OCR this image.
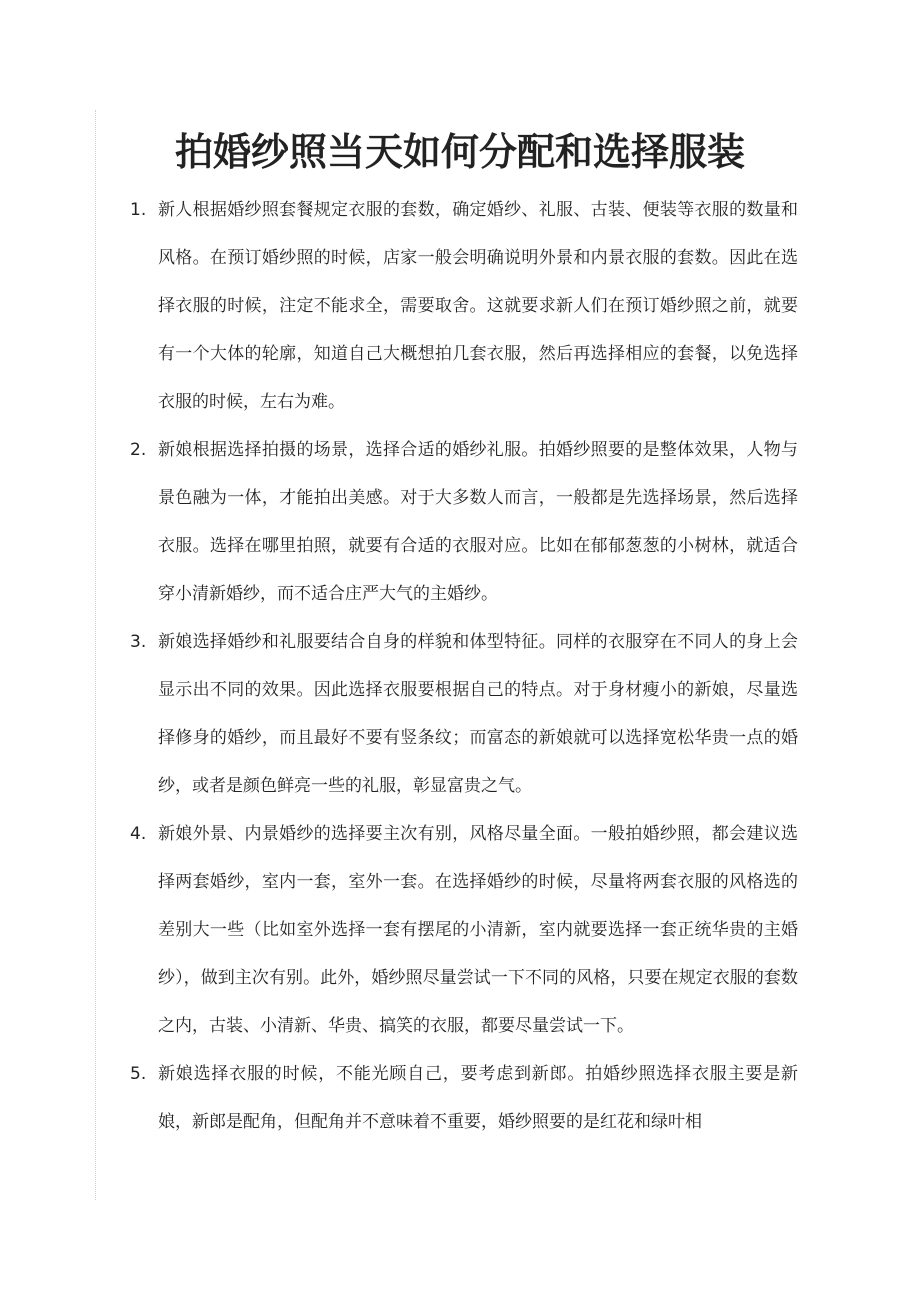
拍婚纱照当天如何分配和选择服装
1. 新人根据婚纱照套餐规定衣服的套数，确定婚纱、礼服、古装、便装等衣服的数量和风格。在预订婚纱照的时候，店家一般会明确说明外景和内景衣服的套数。因此在选择衣服的时候，注定不能求全，需要取舍。这就要求新人们在预订婚纱照之前，就要有一个大体的轮廓，知道自己大概想拍几套衣服，然后再选择相应的套餐，以免选择衣服的时候，左右为难。
2. 新娘根据选择拍摄的场景，选择合适的婚纱礼服。拍婚纱照要的是整体效果，人物与景色融为一体，才能拍出美感。对于大多数人而言，一般都是先选择场景，然后选择衣服。选择在哪里拍照，就要有合适的衣服对应。比如在郁郁葱葱的小树林，就适合穿小清新婚纱，而不适合庄严大气的主婚纱。
3. 新娘选择婚纱和礼服要结合自身的样貌和体型特征。同样的衣服穿在不同人的身上会显示出不同的效果。因此选择衣服要根据自己的特点。对于身材瘦小的新娘，尽量选择修身的婚纱，而且最好不要有竖条纹；而富态的新娘就可以选择宽松华贵一点的婚纱，或者是颜色鲜亮一些的礼服，彰显富贵之气。
4. 新娘外景、内景婚纱的选择要主次有别，风格尽量全面。一般拍婚纱照，都会建议选择两套婚纱，室内一套，室外一套。在选择婚纱的时候，尽量将两套衣服的风格选的差别大一些（比如室外选择一套有摆尾的小清新，室内就要选择一套正统华贵的主婚纱），做到主次有别。此外，婚纱照尽量尝试一下不同的风格，只要在规定衣服的套数之内，古装、小清新、华贵、搞笑的衣服，都要尽量尝试一下。
5. 新娘选择衣服的时候，不能光顾自己，要考虑到新郎。拍婚纱照选择衣服主要是新娘，新郎是配角，但配角并不意味着不重要，婚纱照要的是红花和绿叶相
